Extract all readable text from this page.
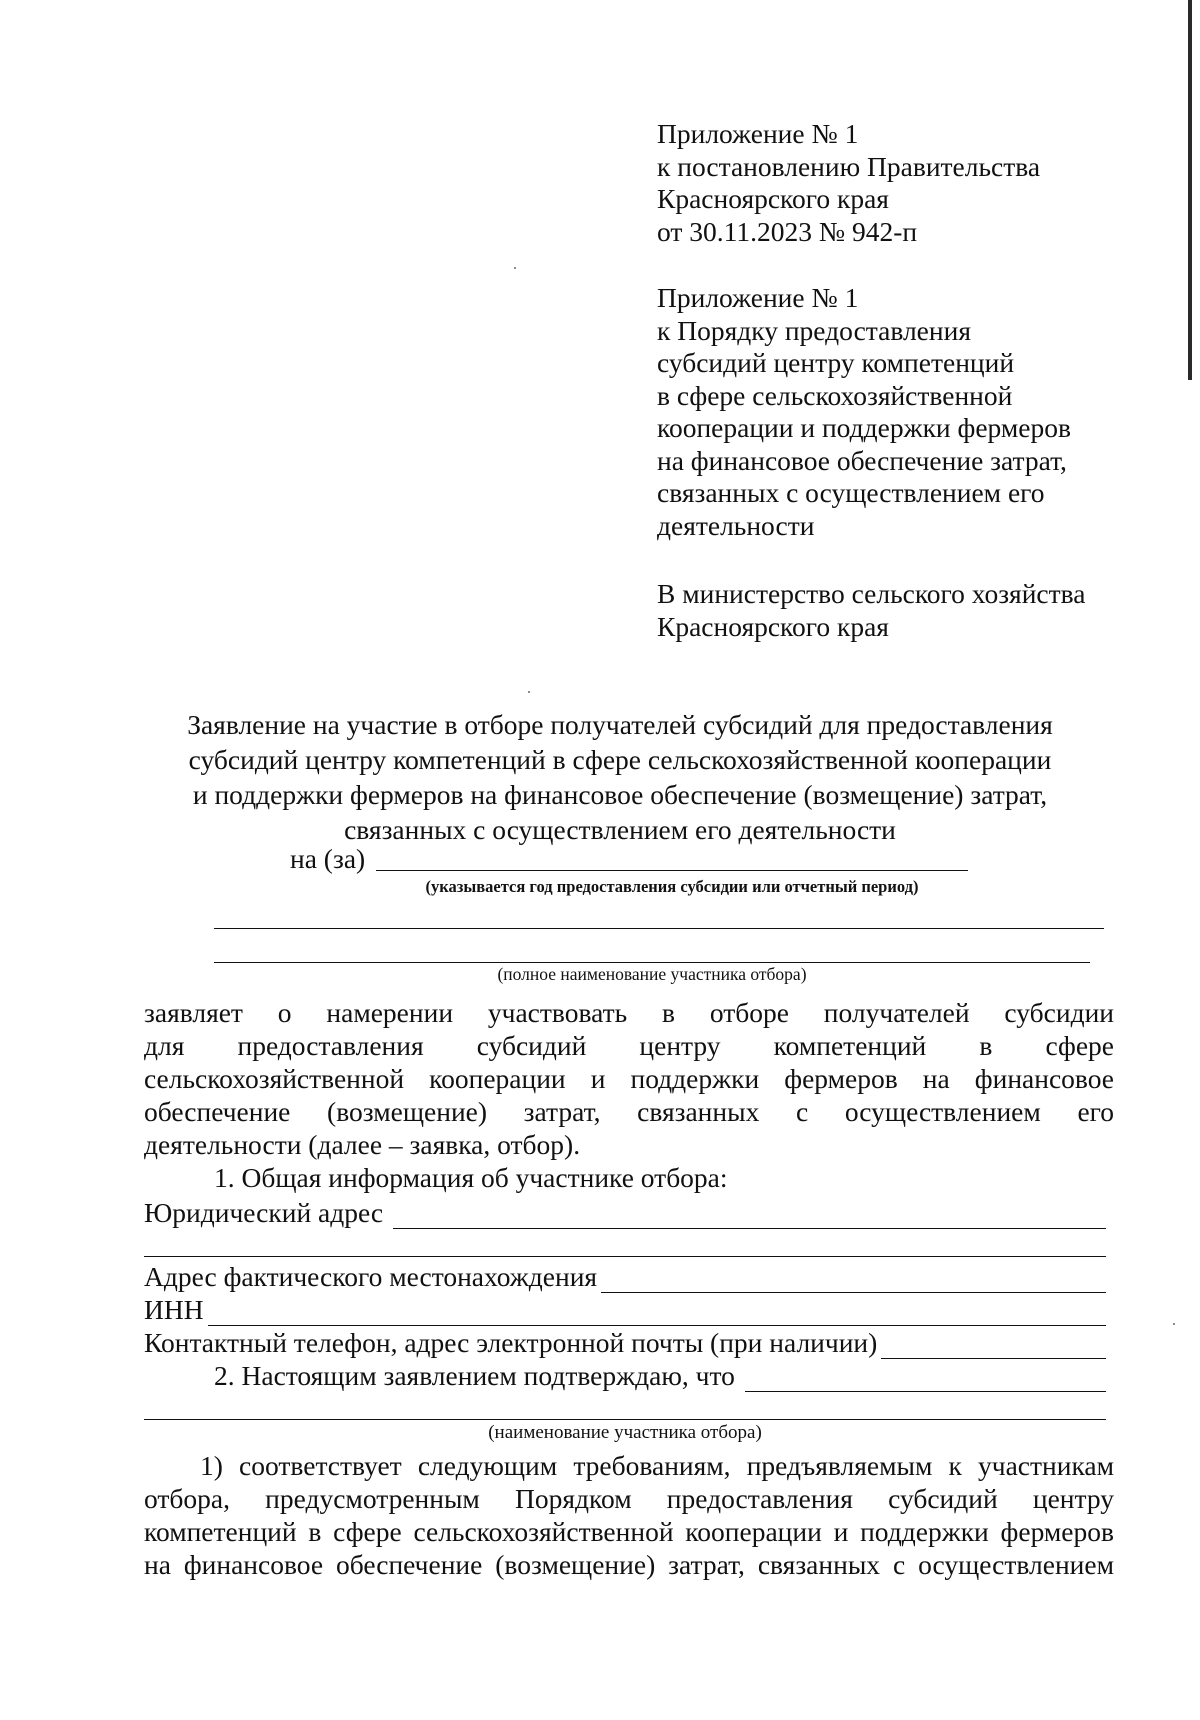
Приложение № 1
к постановлению Правительства
Красноярского края
от 30.11.2023 № 942-п
Приложение № 1
к Порядку предоставления
субсидий центру компетенций
в сфере сельскохозяйственной
кооперации и поддержки фермеров
на финансовое обеспечение затрат,
связанных с осуществлением его
деятельности
В министерство сельского хозяйства
Красноярского края
Заявление на участие в отборе получателей субсидий для предоставления
субсидий центру компетенций в сфере сельскохозяйственной кооперации
и поддержки фермеров на финансовое обеспечение (возмещение) затрат,
связанных с осуществлением его деятельности
на (за)
(указывается год предоставления субсидии или отчетный период)
(полное наименование участника отбора)
заявляет о намерении участвовать в отборе получателей субсидии
для предоставления субсидий центру компетенций в сфере
сельскохозяйственной кооперации и поддержки фермеров на финансовое
обеспечение (возмещение) затрат, связанных с осуществлением его
деятельности (далее – заявка, отбор).
1. Общая информация об участнике отбора:
Юридический адрес
Адрес фактического местонахождения
ИНН
Контактный телефон, адрес электронной почты (при наличии)
2. Настоящим заявлением подтверждаю, что
(наименование участника отбора)
1) соответствует следующим требованиям, предъявляемым к участникам
отбора, предусмотренным Порядком предоставления субсидий центру
компетенций в сфере сельскохозяйственной кооперации и поддержки фермеров
на финансовое обеспечение (возмещение) затрат, связанных с осуществлением
